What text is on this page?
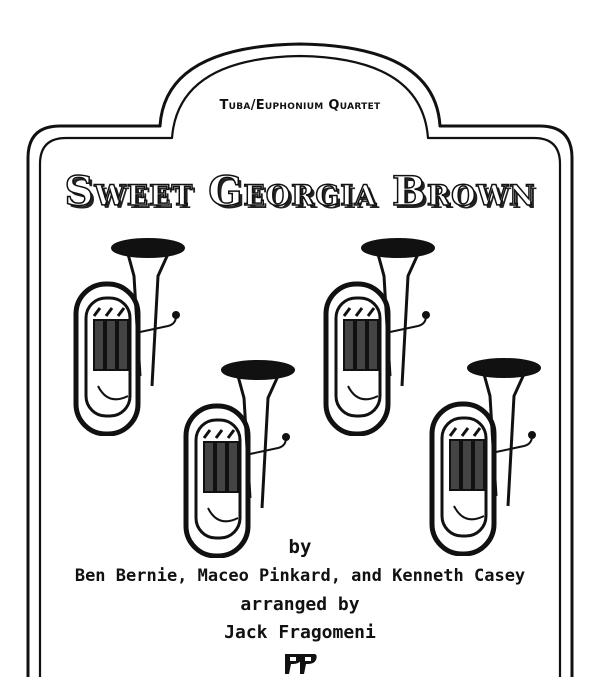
Tuba/Euphonium Quartet
Sweet Georgia Brown
by
Ben Bernie, Maceo Pinkard, and Kenneth Casey
arranged by
Jack Fragomeni
